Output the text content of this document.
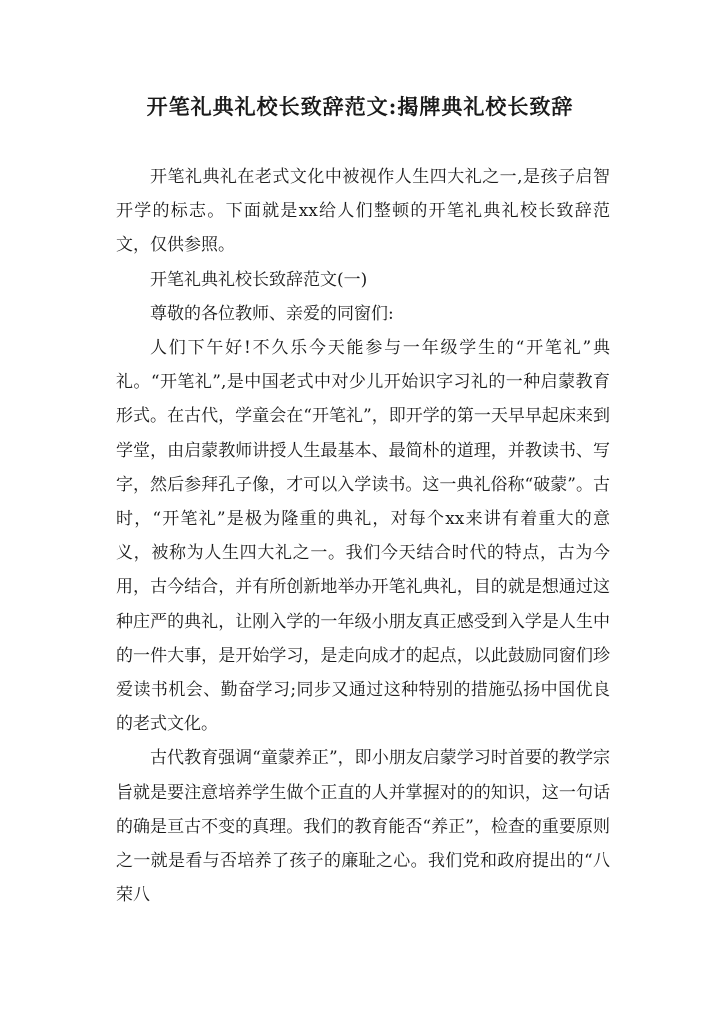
开笔礼典礼校长致辞范文:揭牌典礼校长致辞

开笔礼典礼在老式文化中被视作人生四大礼之一,是孩子启智开学的标志。下面就是xx给人们整顿的开笔礼典礼校长致辞范文，仅供参照。

开笔礼典礼校长致辞范文(一)

尊敬的各位教师、亲爱的同窗们:

人们下午好!不久乐今天能参与一年级学生的“开笔礼”典礼。“开笔礼”,是中国老式中对少儿开始识字习礼的一种启蒙教育形式。在古代，学童会在“开笔礼”，即开学的第一天早早起床来到学堂，由启蒙教师讲授人生最基本、最简朴的道理，并教读书、写字，然后参拜孔子像，才可以入学读书。这一典礼俗称“破蒙”。古时，“开笔礼”是极为隆重的典礼，对每个xx来讲有着重大的意义，被称为人生四大礼之一。我们今天结合时代的特点，古为今用，古今结合，并有所创新地举办开笔礼典礼，目的就是想通过这种庄严的典礼，让刚入学的一年级小朋友真正感受到入学是人生中的一件大事，是开始学习，是走向成才的起点，以此鼓励同窗们珍爱读书机会、勤奋学习;同步又通过这种特别的措施弘扬中国优良的老式文化。

古代教育强调“童蒙养正”，即小朋友启蒙学习时首要的教学宗旨就是要注意培养学生做个正直的人并掌握对的的知识，这一句话的确是亘古不变的真理。我们的教育能否“养正”，检查的重要原则之一就是看与否培养了孩子的廉耻之心。我们党和政府提出的“八荣八
